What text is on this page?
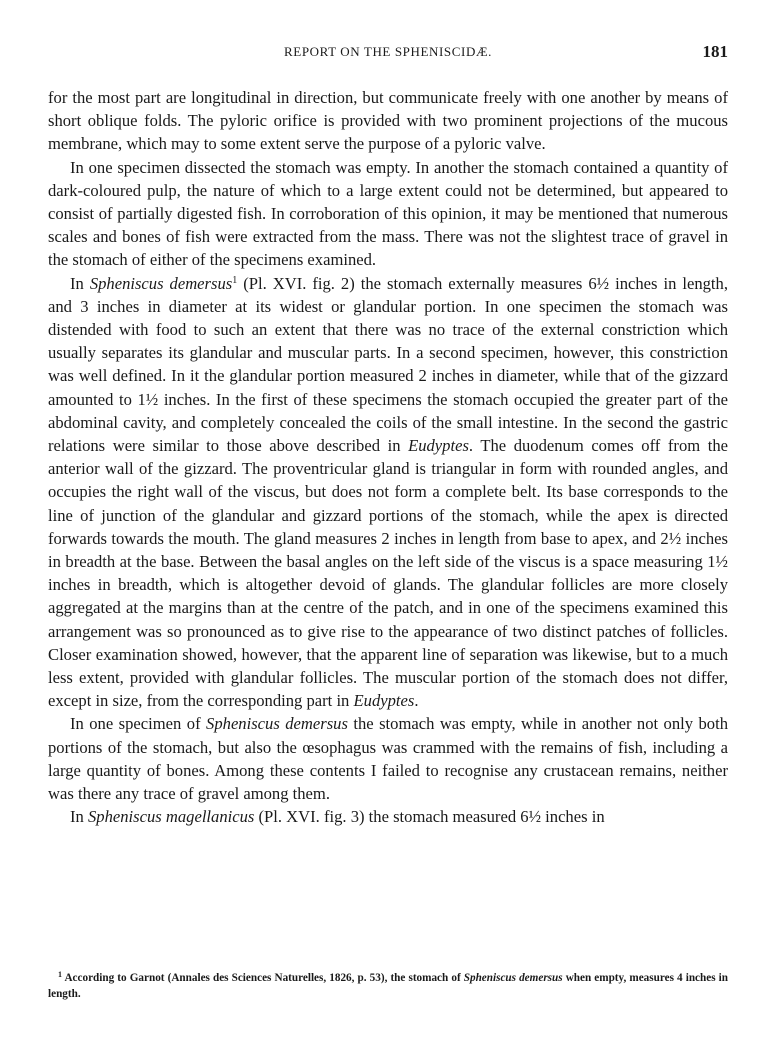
REPORT ON THE SPHENISCIDÆ.	181

for the most part are longitudinal in direction, but communicate freely with one another by means of short oblique folds. The pyloric orifice is provided with two prominent projections of the mucous membrane, which may to some extent serve the purpose of a pyloric valve.

In one specimen dissected the stomach was empty. In another the stomach contained a quantity of dark-coloured pulp, the nature of which to a large extent could not be determined, but appeared to consist of partially digested fish. In corroboration of this opinion, it may be mentioned that numerous scales and bones of fish were extracted from the mass. There was not the slightest trace of gravel in the stomach of either of the specimens examined.

In Spheniscus demersus$^1$ (Pl. XVI. fig. 2) the stomach externally measures 6½ inches in length, and 3 inches in diameter at its widest or glandular portion. In one specimen the stomach was distended with food to such an extent that there was no trace of the external constriction which usually separates its glandular and muscular parts. In a second specimen, however, this constriction was well defined. In it the glandular portion measured 2 inches in diameter, while that of the gizzard amounted to 1½ inches. In the first of these specimens the stomach occupied the greater part of the abdominal cavity, and completely concealed the coils of the small intestine. In the second the gastric relations were similar to those above described in Eudyptes. The duodenum comes off from the anterior wall of the gizzard. The proventricular gland is triangular in form with rounded angles, and occupies the right wall of the viscus, but does not form a complete belt. Its base corresponds to the line of junction of the glandular and gizzard portions of the stomach, while the apex is directed forwards towards the mouth. The gland measures 2 inches in length from base to apex, and 2½ inches in breadth at the base. Between the basal angles on the left side of the viscus is a space measuring 1½ inches in breadth, which is altogether devoid of glands. The glandular follicles are more closely aggregated at the margins than at the centre of the patch, and in one of the specimens examined this arrangement was so pronounced as to give rise to the appearance of two distinct patches of follicles. Closer examination showed, however, that the apparent line of separation was likewise, but to a much less extent, provided with glandular follicles. The muscular portion of the stomach does not differ, except in size, from the corresponding part in Eudyptes.

In one specimen of Spheniscus demersus the stomach was empty, while in another not only both portions of the stomach, but also the œsophagus was crammed with the remains of fish, including a large quantity of bones. Among these contents I failed to recognise any crustacean remains, neither was there any trace of gravel among them.

In Spheniscus magellanicus (Pl. XVI. fig. 3) the stomach measured 6½ inches in

$^1$ According to Garnot (Annales des Sciences Naturelles, 1826, p. 53), the stomach of Spheniscus demersus when empty, measures 4 inches in length.
